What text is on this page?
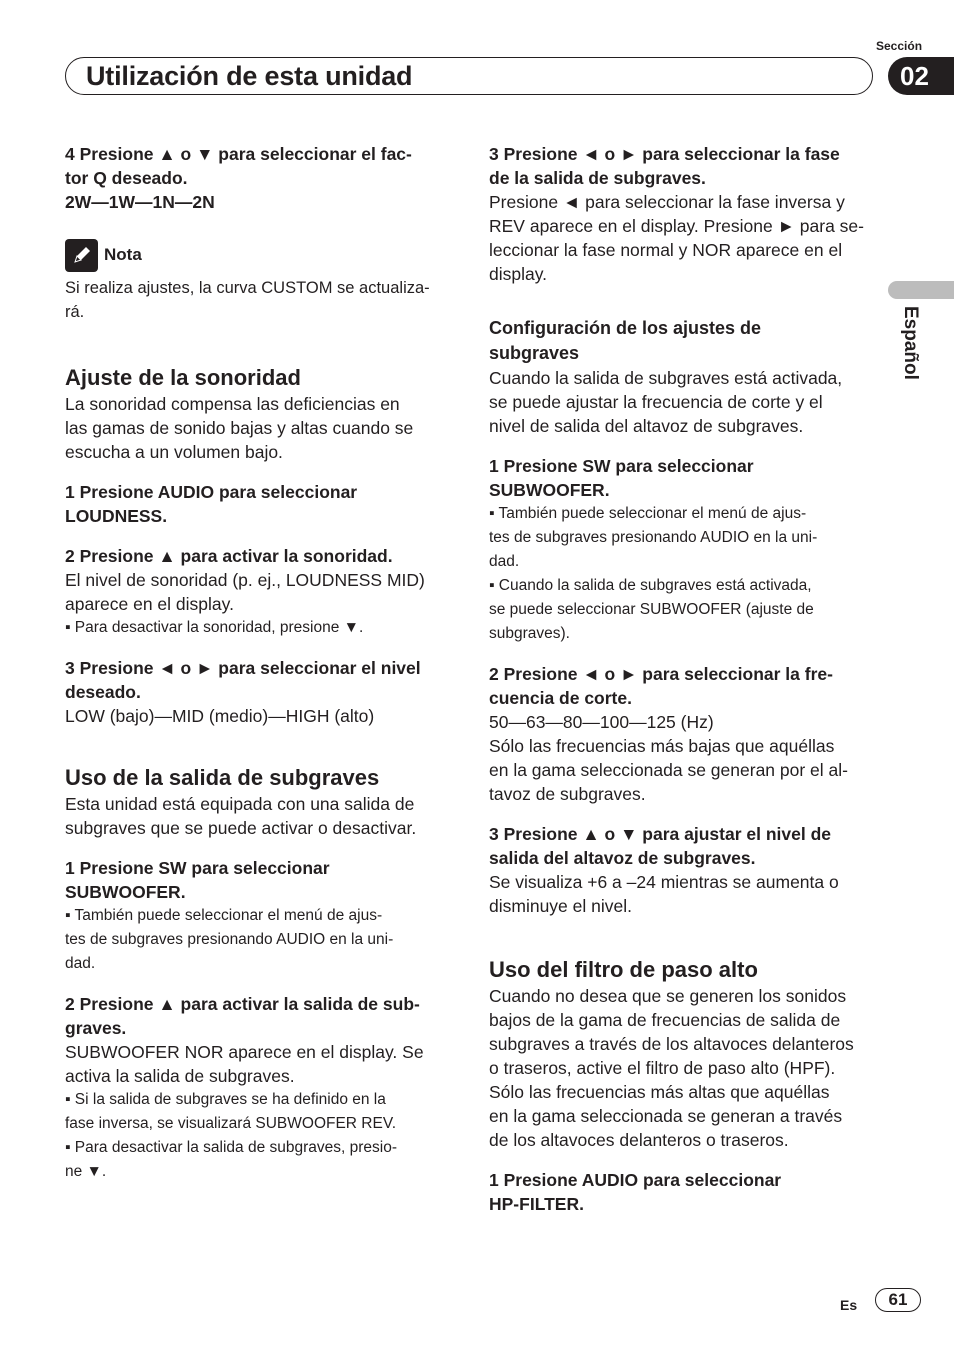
Utilización de esta unidad
Sección
02
Español

4 Presione ▲ o ▼ para seleccionar el fac-

tor Q deseado.

2W—1W—1N—2N

Nota

Si realiza ajustes, la curva CUSTOM se actualiza-

rá.

Ajuste de la sonoridad

La sonoridad compensa las deficiencias en

las gamas de sonido bajas y altas cuando se

escucha a un volumen bajo.

1 Presione AUDIO para seleccionar

LOUDNESS.

2 Presione ▲ para activar la sonoridad.

El nivel de sonoridad (p. ej., LOUDNESS MID)

aparece en el display.

▪ Para desactivar la sonoridad, presione ▼.

3 Presione ◄ o ► para seleccionar el nivel

deseado.

LOW (bajo)—MID (medio)—HIGH (alto)

Uso de la salida de subgraves

Esta unidad está equipada con una salida de

subgraves que se puede activar o desactivar.

1 Presione SW para seleccionar

SUBWOOFER.

▪ También puede seleccionar el menú de ajus-

tes de subgraves presionando AUDIO en la uni-

dad.

2 Presione ▲ para activar la salida de sub-

graves.

SUBWOOFER NOR aparece en el display. Se

activa la salida de subgraves.

▪ Si la salida de subgraves se ha definido en la

fase inversa, se visualizará SUBWOOFER REV.

▪ Para desactivar la salida de subgraves, presio-

ne ▼.

3 Presione ◄ o ► para seleccionar la fase

de la salida de subgraves.

Presione ◄ para seleccionar la fase inversa y

REV aparece en el display. Presione ► para se-

leccionar la fase normal y NOR aparece en el

display.

Configuración de los ajustes de

subgraves

Cuando la salida de subgraves está activada,

se puede ajustar la frecuencia de corte y el

nivel de salida del altavoz de subgraves.

1 Presione SW para seleccionar

SUBWOOFER.

▪ También puede seleccionar el menú de ajus-

tes de subgraves presionando AUDIO en la uni-

dad.

▪ Cuando la salida de subgraves está activada,

se puede seleccionar SUBWOOFER (ajuste de

subgraves).

2 Presione ◄ o ► para seleccionar la fre-

cuencia de corte.

50—63—80—100—125 (Hz)

Sólo las frecuencias más bajas que aquéllas

en la gama seleccionada se generan por el al-

tavoz de subgraves.

3 Presione ▲ o ▼ para ajustar el nivel de

salida del altavoz de subgraves.

Se visualiza +6 a –24 mientras se aumenta o

disminuye el nivel.

Uso del filtro de paso alto

Cuando no desea que se generen los sonidos

bajos de la gama de frecuencias de salida de

subgraves a través de los altavoces delanteros

o traseros, active el filtro de paso alto (HPF).

Sólo las frecuencias más altas que aquéllas

en la gama seleccionada se generan a través

de los altavoces delanteros o traseros.

1 Presione AUDIO para seleccionar

HP-FILTER.

Es	61
